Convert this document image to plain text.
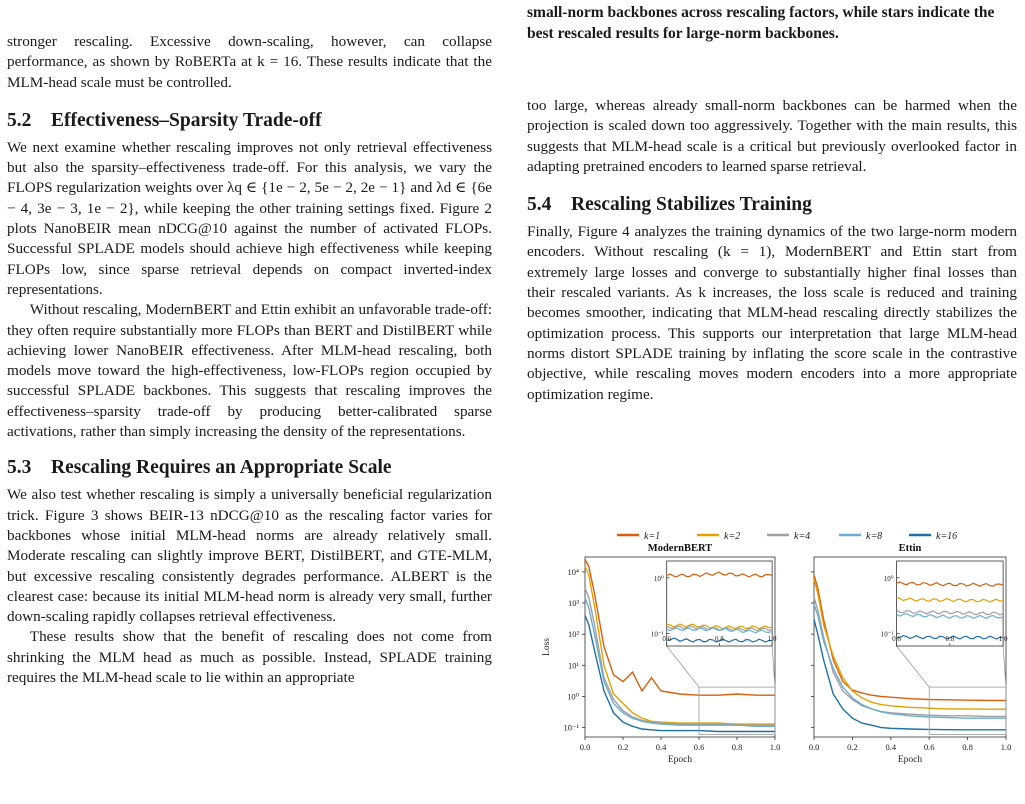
stronger rescaling. Excessive down-scaling, however, can collapse performance, as shown by RoBERTa at k = 16. These results indicate that the MLM-head scale must be controlled.

5.2 Effectiveness–Sparsity Trade-off

We next examine whether rescaling improves not only retrieval effectiveness but also the sparsity–effectiveness trade-off. For this analysis, we vary the FLOPS regularization weights over λq ∈ {1e − 2, 5e − 2, 2e − 1} and λd ∈ {6e − 4, 3e − 3, 1e − 2}, while keeping the other training settings fixed. Figure 2 plots NanoBEIR mean nDCG@10 against the number of activated FLOPs. Successful SPLADE models should achieve high effectiveness while keeping FLOPs low, since sparse retrieval depends on compact inverted-index representations.

Without rescaling, ModernBERT and Ettin exhibit an unfavorable trade-off: they often require substantially more FLOPs than BERT and DistilBERT while achieving lower NanoBEIR effectiveness. After MLM-head rescaling, both models move toward the high-effectiveness, low-FLOPs region occupied by successful SPLADE backbones. This suggests that rescaling improves the effectiveness–sparsity trade-off by producing better-calibrated sparse activations, rather than simply increasing the density of the representations.

5.3 Rescaling Requires an Appropriate Scale

We also test whether rescaling is simply a universally beneficial regularization trick. Figure 3 shows BEIR-13 nDCG@10 as the rescaling factor varies for backbones whose initial MLM-head norms are already relatively small. Moderate rescaling can slightly improve BERT, DistilBERT, and GTE-MLM, but excessive rescaling consistently degrades performance. ALBERT is the clearest case: because its initial MLM-head norm is already very small, further down-scaling rapidly collapses retrieval effectiveness.

These results show that the benefit of rescaling does not come from shrinking the MLM head as much as possible. Instead, SPLADE training requires the MLM-head scale to lie within an appropriate

small-norm backbones across rescaling factors, while stars indicate the best rescaled results for large-norm backbones.

too large, whereas already small-norm backbones can be harmed when the projection is scaled down too aggressively. Together with the main results, this suggests that MLM-head scale is a critical but previously overlooked factor in adapting pretrained encoders to learned sparse retrieval.

5.4 Rescaling Stabilizes Training

Finally, Figure 4 analyzes the training dynamics of the two large-norm modern encoders. Without rescaling (k = 1), ModernBERT and Ettin start from extremely large losses and converge to substantially higher final losses than their rescaled variants. As k increases, the loss scale is reduced and training becomes smoother, indicating that MLM-head rescaling directly stabilizes the optimization process. This supports our interpretation that large MLM-head norms distort SPLADE training by inflating the score scale in the contrastive objective, while rescaling moves modern encoders into a more appropriate optimization regime.

k=1	k=2	k=4	k=8	k=16
ModernBERT
0.0	0.2	0.4	0.6	0.8	1.0
Epoch
10⁴
10³
10²
10¹
10⁰
10⁻¹
Loss	0.6	0.8	1.0
10⁰
10⁻¹
Ettin
0.0	0.2	0.4	0.6	0.8	1.0
Epoch
0.6	0.8	1.0
10⁰
10⁻¹
